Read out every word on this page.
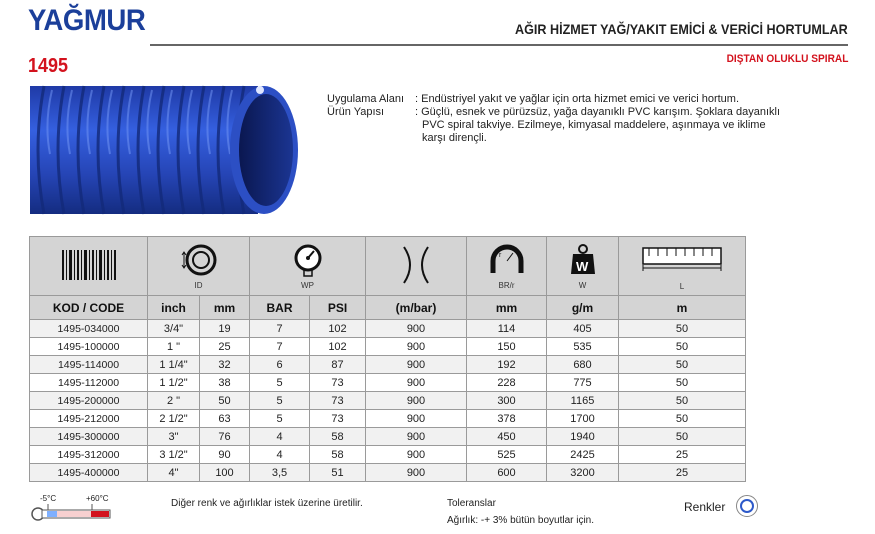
YAĞMUR
1495
AĞIR HİZMET YAĞ/YAKIT EMİCİ & VERİCİ HORTUMLAR
DIŞTAN OLUKLU SPIRAL
Uygulama Alanı : Endüstriyel yakıt ve yağlar için orta hizmet emici ve verici hortum.
Ürün Yapısı	: Güçlü, esnek ve pürüzsüz, yağa dayanıklı PVC karışım. Şoklara dayanıklı
PVC spiral takviye. Ezilmeye, kimyasal maddelere, aşınmaya ve iklime
karşı dirençli.

ID		WP			r
BR/r	W
W	L

KOD / CODE	inch	mm	BAR	PSI	(m/bar)	mm	g/m	m
1495-034000	3/4"	19	7	102	900	114	405	50
1495-100000	1 "	25	7	102	900	150	535	50
1495-114000	1 1/4"	32	6	87	900	192	680	50
1495-112000	1 1/2"	38	5	73	900	228	775	50
1495-200000	2 "	50	5	73	900	300	1165	50
1495-212000	2 1/2"	63	5	73	900	378	1700	50
1495-300000	3"	76	4	58	900	450	1940	50
1495-312000	3 1/2"	90	4	58	900	525	2425	25
1495-400000	4"	100	3,5	51	900	600	3200	25
-5°C	+60°C	Diğer renk ve ağırlıklar istek üzerine üretilir.	Toleranslar
Ağırlık: -+ 3% bütün boyutlar için.
Renkler
